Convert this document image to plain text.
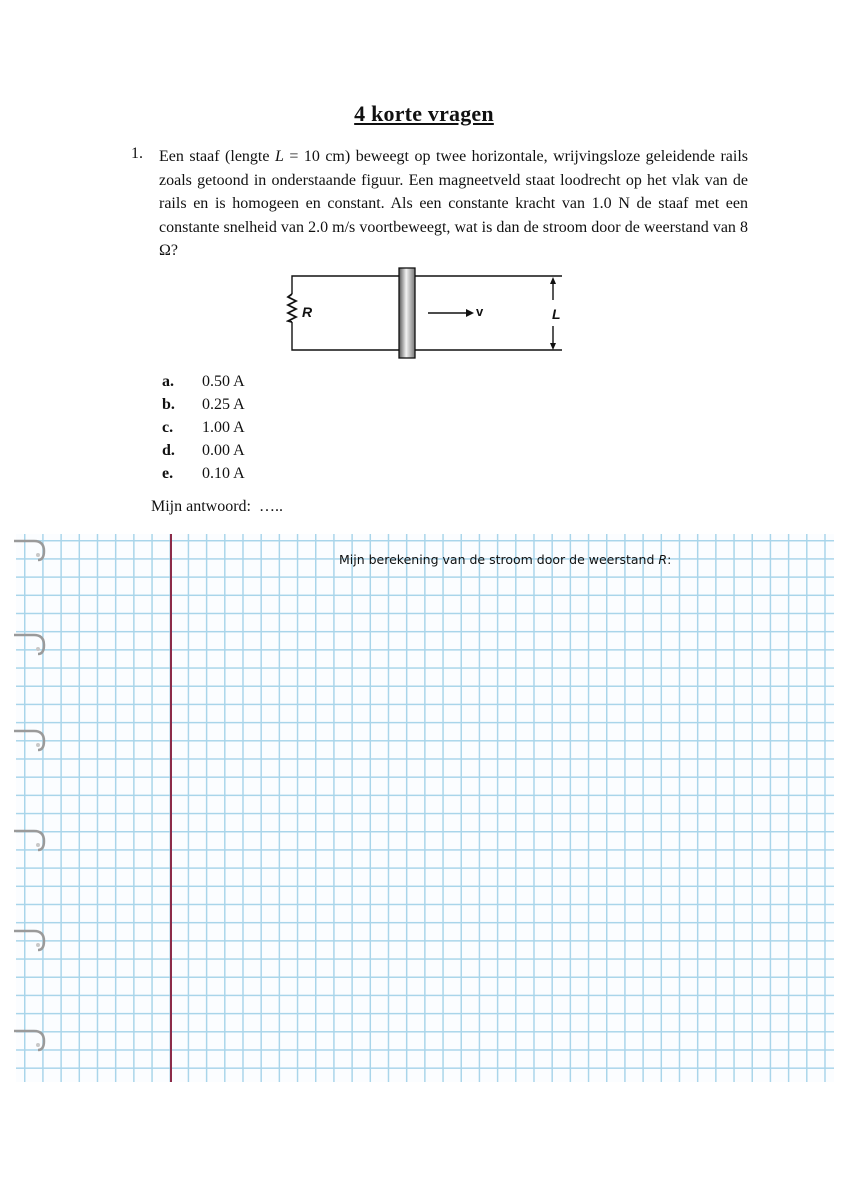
4 korte vragen
1. Een staaf (lengte L = 10 cm) beweegt op twee horizontale, wrijvingsloze geleidende rails zoals getoond in onderstaande figuur. Een magneetveld staat loodrecht op het vlak van de rails en is homogeen en constant. Als een constante kracht van 1.0 N de staaf met een constante snelheid van 2.0 m/s voortbeweegt, wat is dan de stroom door de weerstand van 8 Ω?
R	v	L
a. 0.50 A
b. 0.25 A
c. 1.00 A
d. 0.00 A
e. 0.10 A
Mijn antwoord: …..
Mijn berekening van de stroom door de weerstand R:
